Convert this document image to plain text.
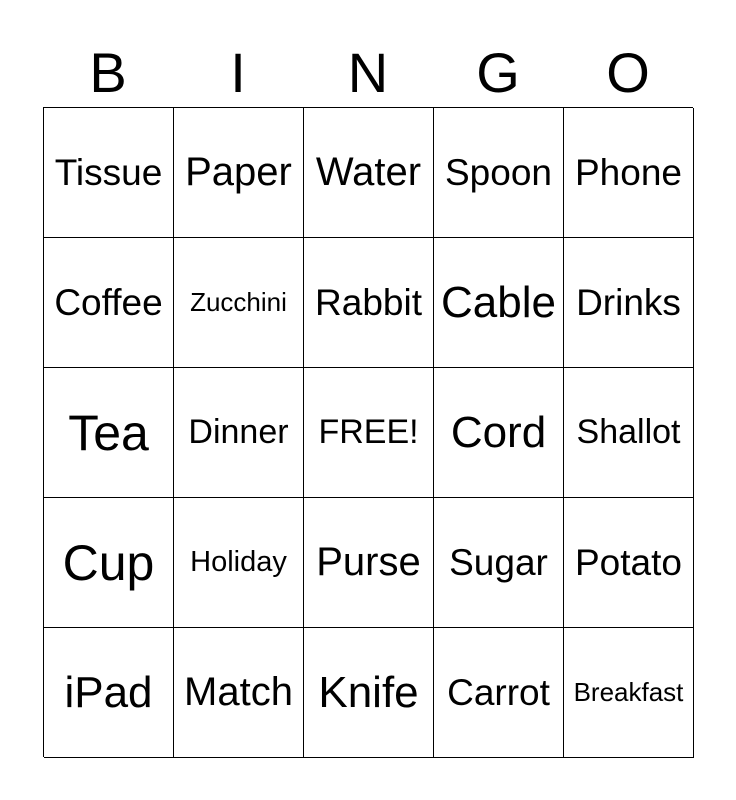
B	I	N	G	O
Tissue Paper Water Spoon Phone
Coffee Zucchini Rabbit Cable Drinks
Tea Dinner FREE! Cord Shallot
Cup Holiday Purse Sugar Potato
iPad Match Knife Carrot Breakfast
